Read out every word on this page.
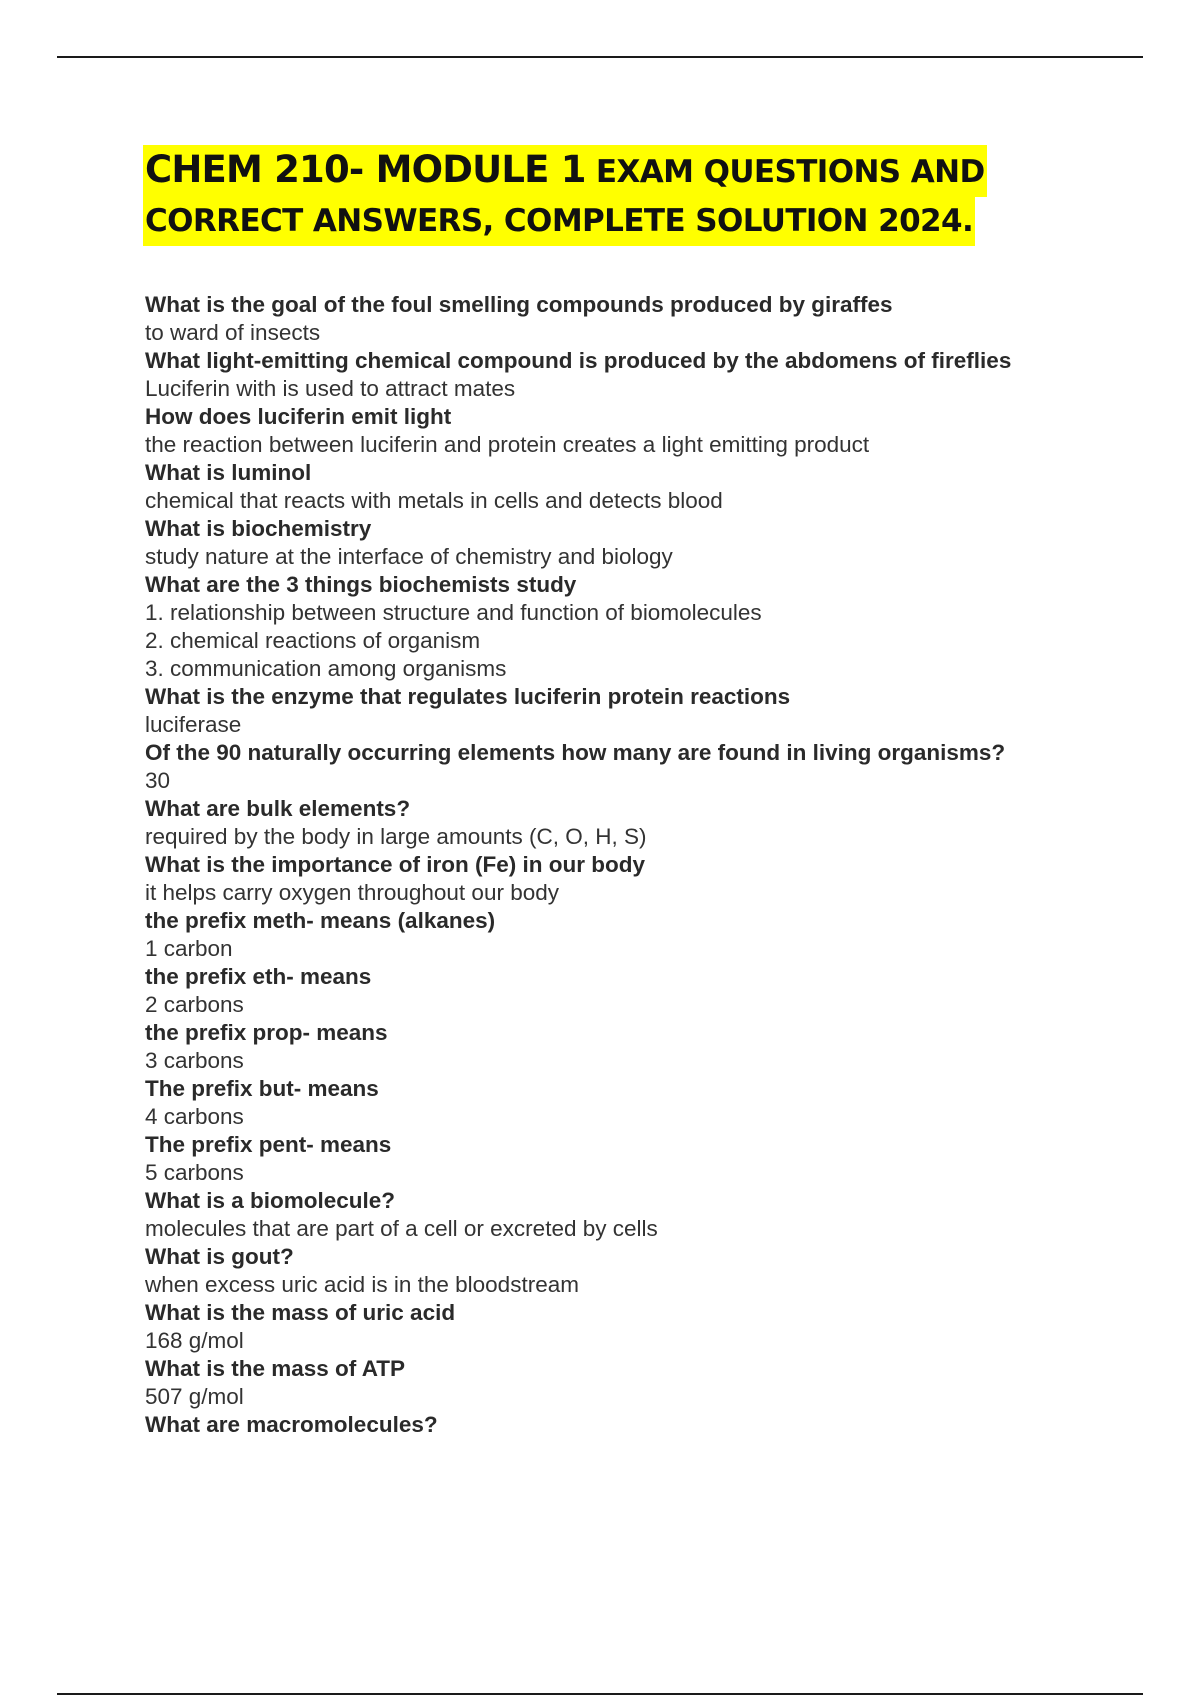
CHEM 210- MODULE 1 EXAM QUESTIONS AND
CORRECT ANSWERS, COMPLETE SOLUTION 2024.
What is the goal of the foul smelling compounds produced by giraffes
to ward of insects
What light-emitting chemical compound is produced by the abdomens of fireflies
Luciferin with is used to attract mates
How does luciferin emit light
the reaction between luciferin and protein creates a light emitting product
What is luminol
chemical that reacts with metals in cells and detects blood
What is biochemistry
study nature at the interface of chemistry and biology
What are the 3 things biochemists study
1. relationship between structure and function of biomolecules
2. chemical reactions of organism
3. communication among organisms
What is the enzyme that regulates luciferin protein reactions
luciferase
Of the 90 naturally occurring elements how many are found in living organisms?
30
What are bulk elements?
required by the body in large amounts (C, O, H, S)
What is the importance of iron (Fe) in our body
it helps carry oxygen throughout our body
the prefix meth- means (alkanes)
1 carbon
the prefix eth- means
2 carbons
the prefix prop- means
3 carbons
The prefix but- means
4 carbons
The prefix pent- means
5 carbons
What is a biomolecule?
molecules that are part of a cell or excreted by cells
What is gout?
when excess uric acid is in the bloodstream
What is the mass of uric acid
168 g/mol
What is the mass of ATP
507 g/mol
What are macromolecules?
